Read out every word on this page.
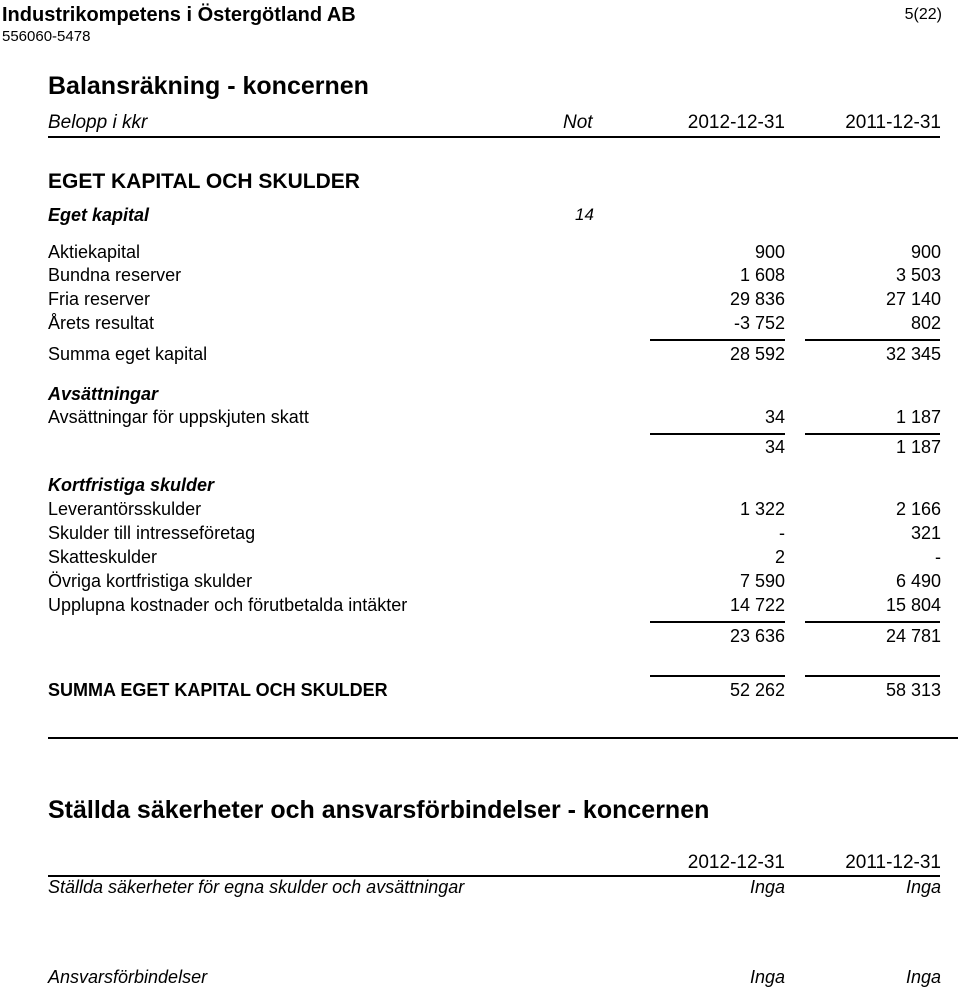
Industrikompetens i Östergötland AB
556060-5478
5(22)
Balansräkning - koncernen
Belopp i kkr	Not	2012-12-31	2011-12-31
EGET KAPITAL OCH SKULDER
Eget kapital	14
Aktiekapital	900	900
Bundna reserver	1 608	3 503
Fria reserver	29 836	27 140
Årets resultat	-3 752	802
Summa eget kapital	28 592	32 345
Avsättningar
Avsättningar för uppskjuten skatt	34	1 187
34	1 187
Kortfristiga skulder
Leverantörsskulder	1 322	2 166
Skulder till intresseföretag	-	321
Skatteskulder	2	-
Övriga kortfristiga skulder	7 590	6 490
Upplupna kostnader och förutbetalda intäkter	14 722	15 804
23 636	24 781
SUMMA EGET KAPITAL OCH SKULDER	52 262	58 313
Ställda säkerheter och ansvarsförbindelser - koncernen
2012-12-31	2011-12-31
Ställda säkerheter för egna skulder och avsättningar	Inga	Inga
Ansvarsförbindelser	Inga	Inga
